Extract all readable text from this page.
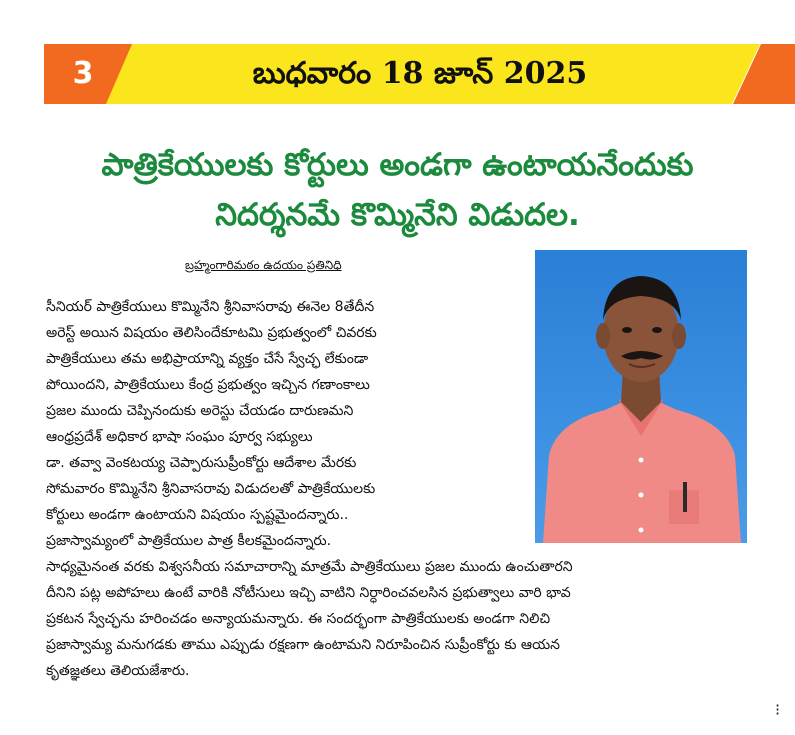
3	బుధవారం 18 జూన్ 2025
పాత్రికేయులకు కోర్టులు అండగా ఉంటాయనేందుకు
నిదర్శనమే కొమ్మినేని విడుదల.
బ్రహ్మంగారిమఠం ఉదయం ప్రతినిధి
సీనియర్ పాత్రికేయులు కొమ్మినేని శ్రీనివాసరావు ఈనెల 8తేదీన
అరెస్ట్ అయిన విషయం తెలిసిందేకూటమి ప్రభుత్వంలో చివరకు
పాత్రికేయులు తమ అభిప్రాయాన్ని వ్యక్తం చేసే స్వేచ్ఛ లేకుండా
పోయిందని, పాత్రికేయులు కేంద్ర ప్రభుత్వం ఇచ్చిన గణాంకాలు
ప్రజల ముందు చెప్పినందుకు అరెస్టు చేయడం దారుణమని
ఆంధ్రప్రదేశ్ అధికార భాషా సంఘం పూర్వ సభ్యులు
డా. తవ్వా వెంకటయ్య చెప్పారుసుప్రీంకోర్టు ఆదేశాల మేరకు
సోమవారం కొమ్మినేని శ్రీనివాసరావు విడుదలతో పాత్రికేయులకు
కోర్టులు అండగా ఉంటాయని విషయం స్పష్టమైందన్నారు..
ప్రజాస్వామ్యంలో పాత్రికేయుల పాత్ర కీలకమైందన్నారు.
సాధ్యమైనంత వరకు విశ్వసనీయ సమాచారాన్ని మాత్రమే పాత్రికేయులు ప్రజల ముందు ఉంచుతారని
దీనిని పట్ల అపోహలు ఉంటే వారికి నోటీసులు ఇచ్చి వాటిని నిర్ధారించవలసిన ప్రభుత్వాలు వారి భావ
ప్రకటన స్వేచ్ఛను హరించడం అన్యాయమన్నారు. ఈ సందర్భంగా పాత్రికేయులకు అండగా నిలిచి
ప్రజాస్వామ్య మనుగడకు తాము ఎప్పుడు రక్షణగా ఉంటామని నిరూపించిన సుప్రీంకోర్టు కు ఆయన
కృతజ్ఞతలు తెలియజేశారు.
⁝
